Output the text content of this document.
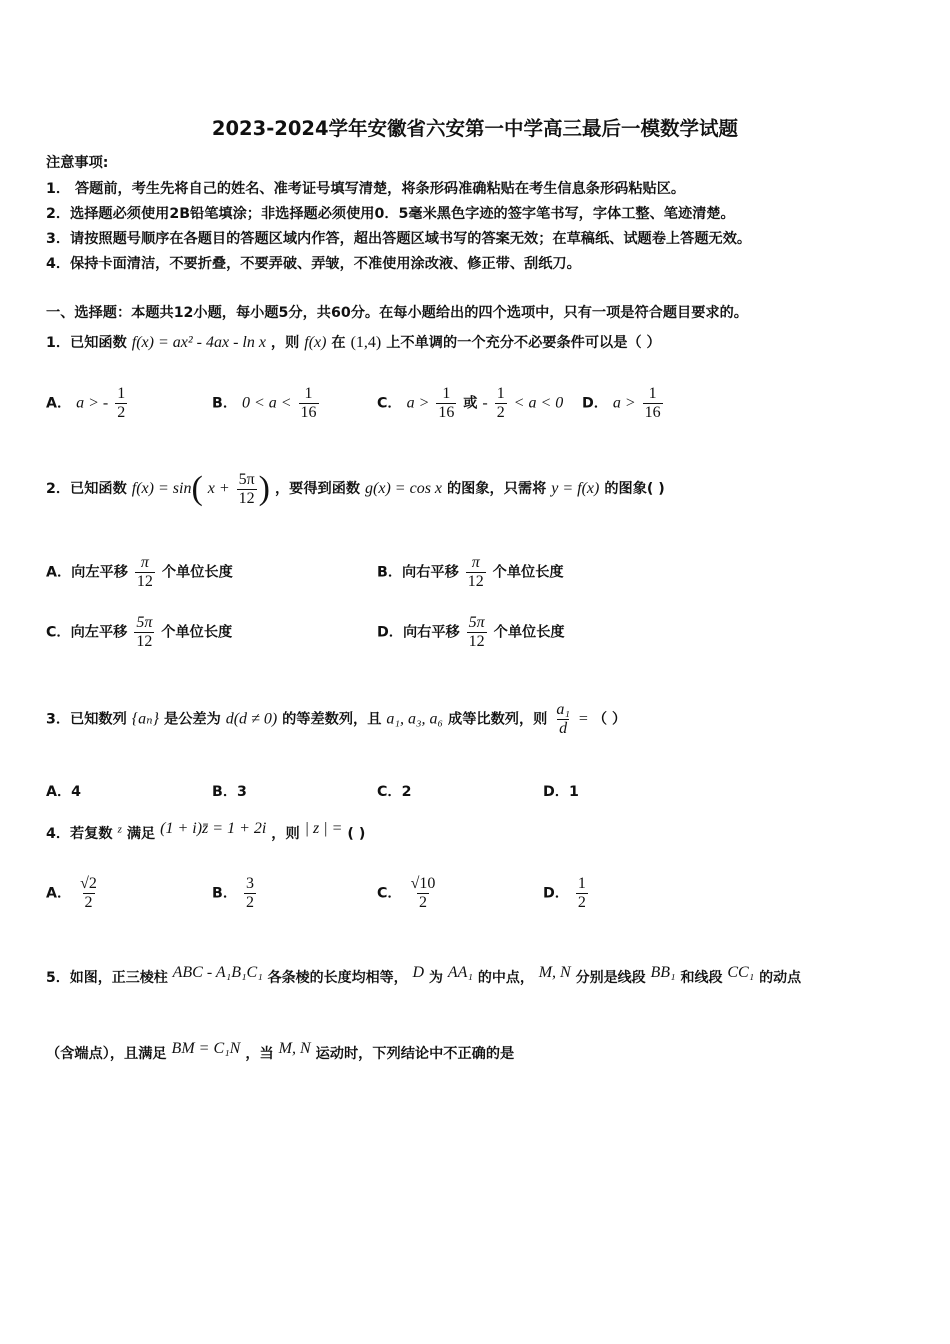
2023-2024学年安徽省六安第一中学高三最后一模数学试题
注意事项:
1． 答题前，考生先将自己的姓名、准考证号填写清楚，将条形码准确粘贴在考生信息条形码粘贴区。
2．选择题必须使用2B铅笔填涂；非选择题必须使用0．5毫米黑色字迹的签字笔书写，字体工整、笔迹清楚。
3．请按照题号顺序在各题目的答题区域内作答，超出答题区域书写的答案无效；在草稿纸、试题卷上答题无效。
4．保持卡面清洁，不要折叠，不要弄破、弄皱，不准使用涂改液、修正带、刮纸刀。
一、选择题：本题共12小题，每小题5分，共60分。在每小题给出的四个选项中，只有一项是符合题目要求的。
1．已知函数 f(x) = ax² - 4ax - ln x ，则 f(x) 在 (1,4) 上不单调的一个充分不必要条件可以是（ ）
A． a > - $\frac{1}{2}$	B． $0 < a < \frac{1}{16}$	C． $a > \frac{1}{16}$ 或 - $\frac{1}{2} < a < 0$ D． $a > \frac{1}{16}$
2．已知函数 f(x) = sin( $x + \frac{5\pi}{12}$ ) ，要得到函数 g(x) = cos x 的图象，只需将 y = f(x) 的图象( )
A．向左平移 $\frac{\pi}{12}$ 个单位长度	B．向右平移 $\frac{\pi}{12}$ 个单位长度
C．向左平移 $\frac{5\pi}{12}$ 个单位长度	D．向右平移 $\frac{5\pi}{12}$ 个单位长度
3．已知数列 {aₙ} 是公差为 d(d ≠ 0) 的等差数列，且 a₁, a₃, a₆ 成等比数列，则 $\frac{\text{a₁}}{d}$ = （ ）
A．4	B．3	C．2	D．1
4．若复数 $^z$ 满足 (1 + i)z̄ = 1 + 2i ，则 | z | = ( )
A． $\frac{√2}{2}$	B． $\frac{3}{2}$	C． $\frac{√10}{2}$	D． $\frac{1}{2}$
5．如图，正三棱柱 ABC - A₁B₁C₁ 各条棱的长度均相等， D 为 AA₁ 的中点， M, N 分别是线段 BB₁ 和线段 CC₁ 的动点
（含端点），且满足 BM = C₁N ，当 M, N 运动时，下列结论中不正确的是
